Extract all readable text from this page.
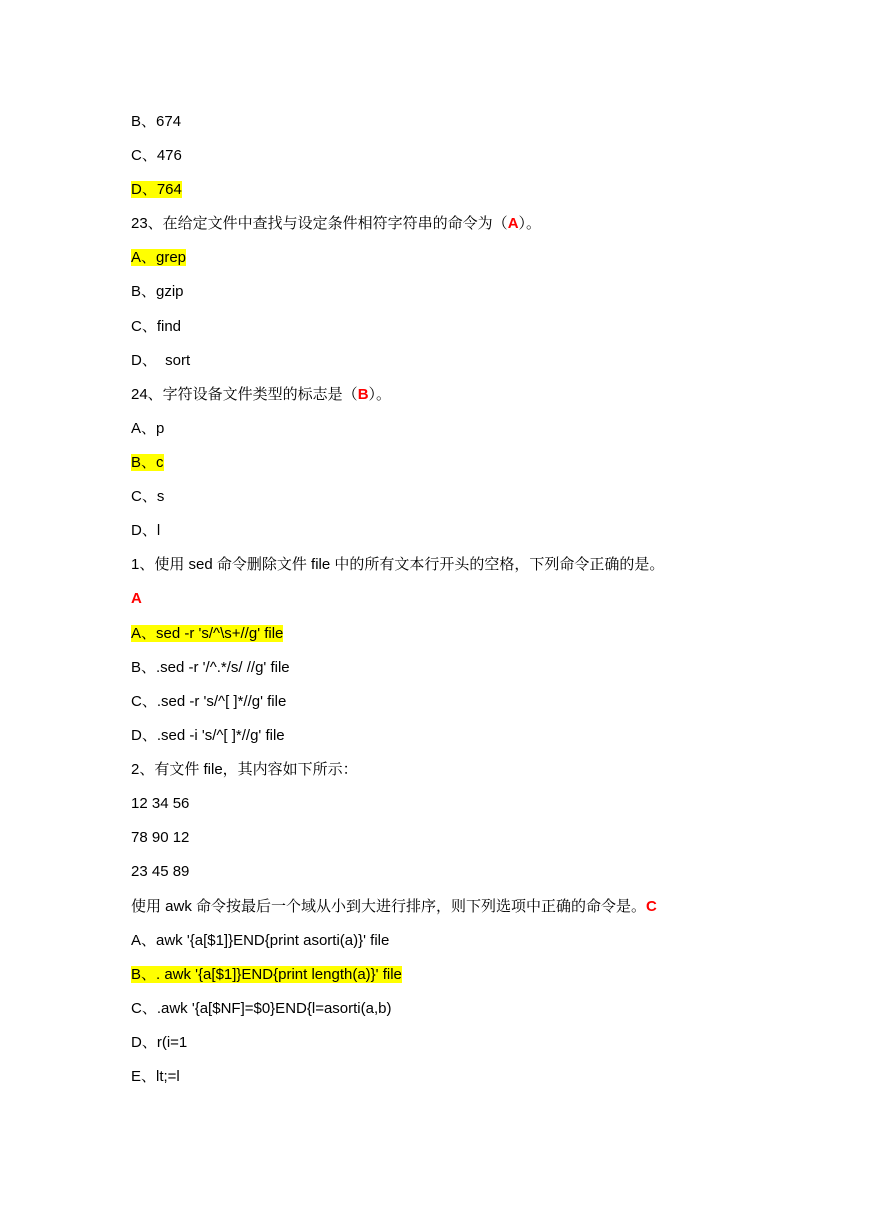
B、674
C、476
D、764
23、在给定文件中查找与设定条件相符字符串的命令为（A）。
A、grep
B、gzip
C、find
D、  sort
24、字符设备文件类型的标志是（B）。
A、p
B、c
C、s
D、l
1、使用 sed 命令删除文件 file 中的所有文本行开头的空格，下列命令正确的是。
A
A、sed -r 's/^\s+//g' file
B、.sed -r '/^.*/s/ //g' file
C、.sed -r 's/^[ ]*//g' file
D、.sed -i 's/^[ ]*//g' file
2、有文件 file，其内容如下所示：
12 34 56
78 90 12
23 45 89
使用 awk 命令按最后一个域从小到大进行排序，则下列选项中正确的命令是。C
A、awk '{a[$1]}END{print asorti(a)}' file
B、. awk '{a[$1]}END{print length(a)}' file
C、.awk '{a[$NF]=$0}END{l=asorti(a,b)
D、r(i=1
E、lt;=l
